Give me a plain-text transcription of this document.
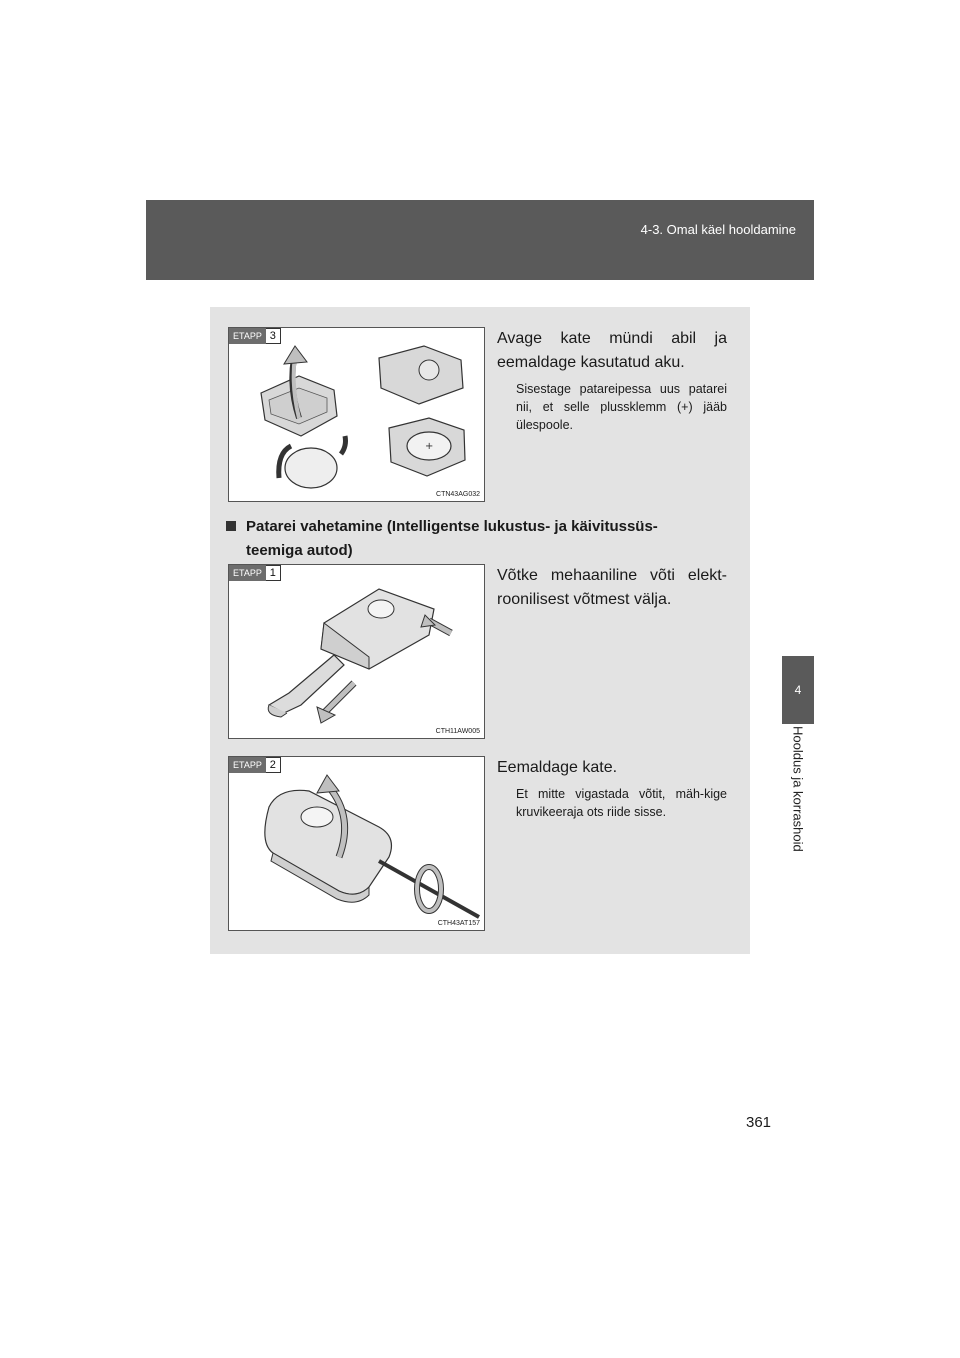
4-3. Omal käel hooldamine
4
Hooldus ja korrashoid
ETAPP 3
+
CTN43AG032
Avage kate mündi abil ja eemaldage kasutatud aku.
Sisestage patareipessa uus patarei nii, et selle plussklemm (+) jääb ülespoole.
Patarei vahetamine (Intelligentse lukustus- ja käivitussüs-
teemiga autod)
ETAPP 1
CTH11AW005
Võtke mehaaniline võti elekt-roonilisest võtmest välja.
ETAPP 2
CTH43AT157
Eemaldage kate.
Et mitte vigastada võtit, mäh-kige kruvikeeraja ots riide sisse.
361
